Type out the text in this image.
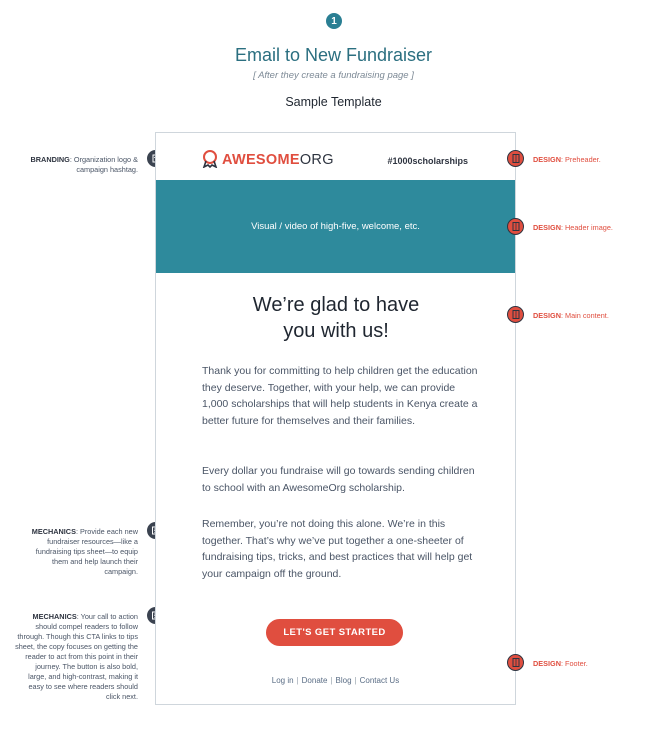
1
Email to New Fundraiser
[ After they create a fundraising page ]
Sample Template
BRANDING: Organization logo & campaign hashtag.
MECHANICS: Provide each new fundraiser resources—like a fundraising tips sheet—to equip them and help launch their campaign.
MECHANICS: Your call to action should compel readers to follow through. Though this CTA links to tips sheet, the copy focuses on getting the reader to act from this point in their journey. The button is also bold, large, and high-contrast, making it easy to see where readers should click next.
AWESOMEORG	#1000scholarships
Visual / video of high-five, welcome, etc.
We’re glad to have
you with us!

Thank you for committing to help children get the education they deserve. Together, with your help, we can provide 1,000 scholarships that will help students in Kenya create a better future for themselves and their families.

Every dollar you fundraise will go towards sending children to school with an AwesomeOrg scholarship.

Remember, you’re not doing this alone. We’re in this together. That’s why we’ve put together a one-sheeter of fundraising tips, tricks, and best practices that will help get your campaign off the ground.

LET'S GET STARTED
Log in | Donate | Blog | Contact Us
DESIGN: Preheader.
DESIGN: Header image.
DESIGN: Main content.
DESIGN: Footer.
